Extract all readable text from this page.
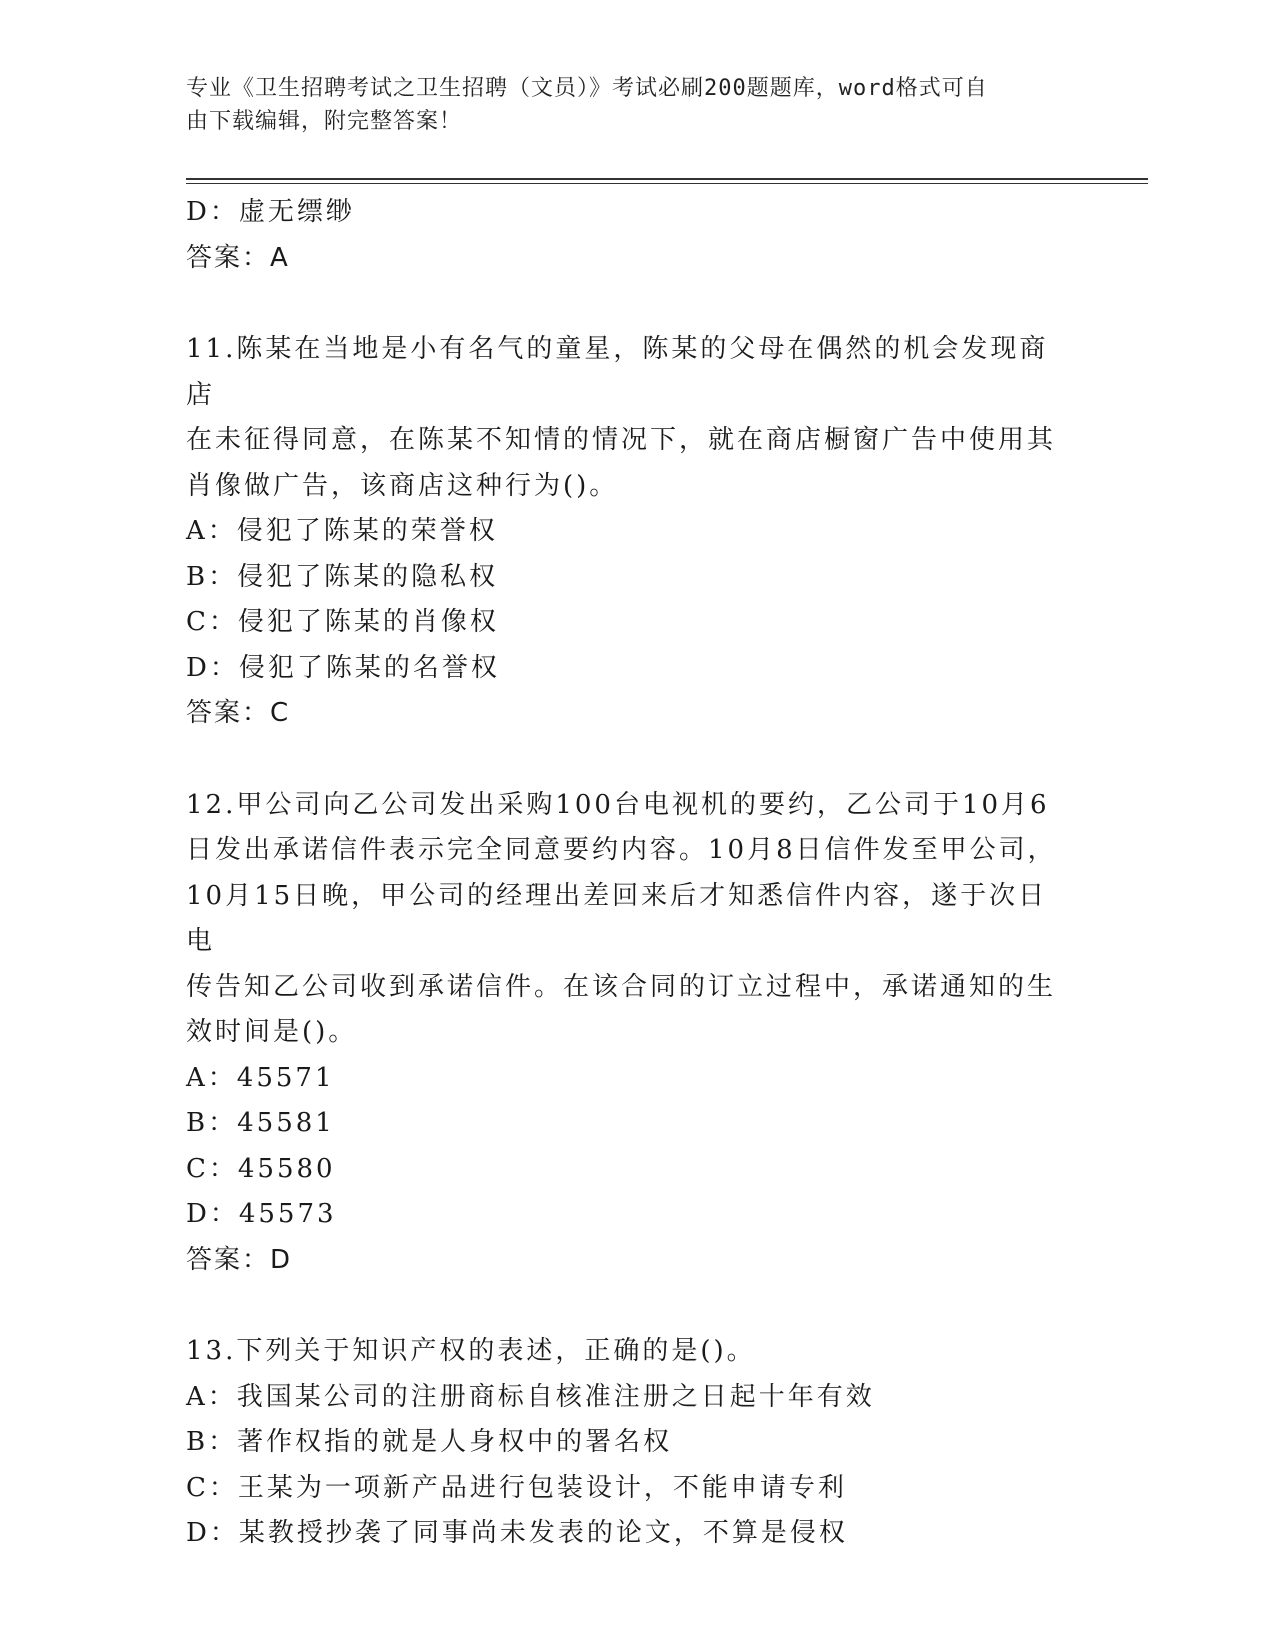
专业《卫生招聘考试之卫生招聘（文员）》考试必刷200题题库，word格式可自
由下载编辑，附完整答案！
D：虚无缥缈
答案：A
11.陈某在当地是小有名气的童星，陈某的父母在偶然的机会发现商店
在未征得同意，在陈某不知情的情况下，就在商店橱窗广告中使用其
肖像做广告，该商店这种行为()。
A：侵犯了陈某的荣誉权
B：侵犯了陈某的隐私权
C：侵犯了陈某的肖像权
D：侵犯了陈某的名誉权
答案：C
12.甲公司向乙公司发出采购100台电视机的要约，乙公司于10月6
日发出承诺信件表示完全同意要约内容。10月8日信件发至甲公司，
10月15日晚，甲公司的经理出差回来后才知悉信件内容，遂于次日电
传告知乙公司收到承诺信件。在该合同的订立过程中，承诺通知的生
效时间是()。
A：45571
B：45581
C：45580
D：45573
答案：D
13.下列关于知识产权的表述，正确的是()。
A：我国某公司的注册商标自核准注册之日起十年有效
B：著作权指的就是人身权中的署名权
C：王某为一项新产品进行包装设计，不能申请专利
D：某教授抄袭了同事尚未发表的论文，不算是侵权
